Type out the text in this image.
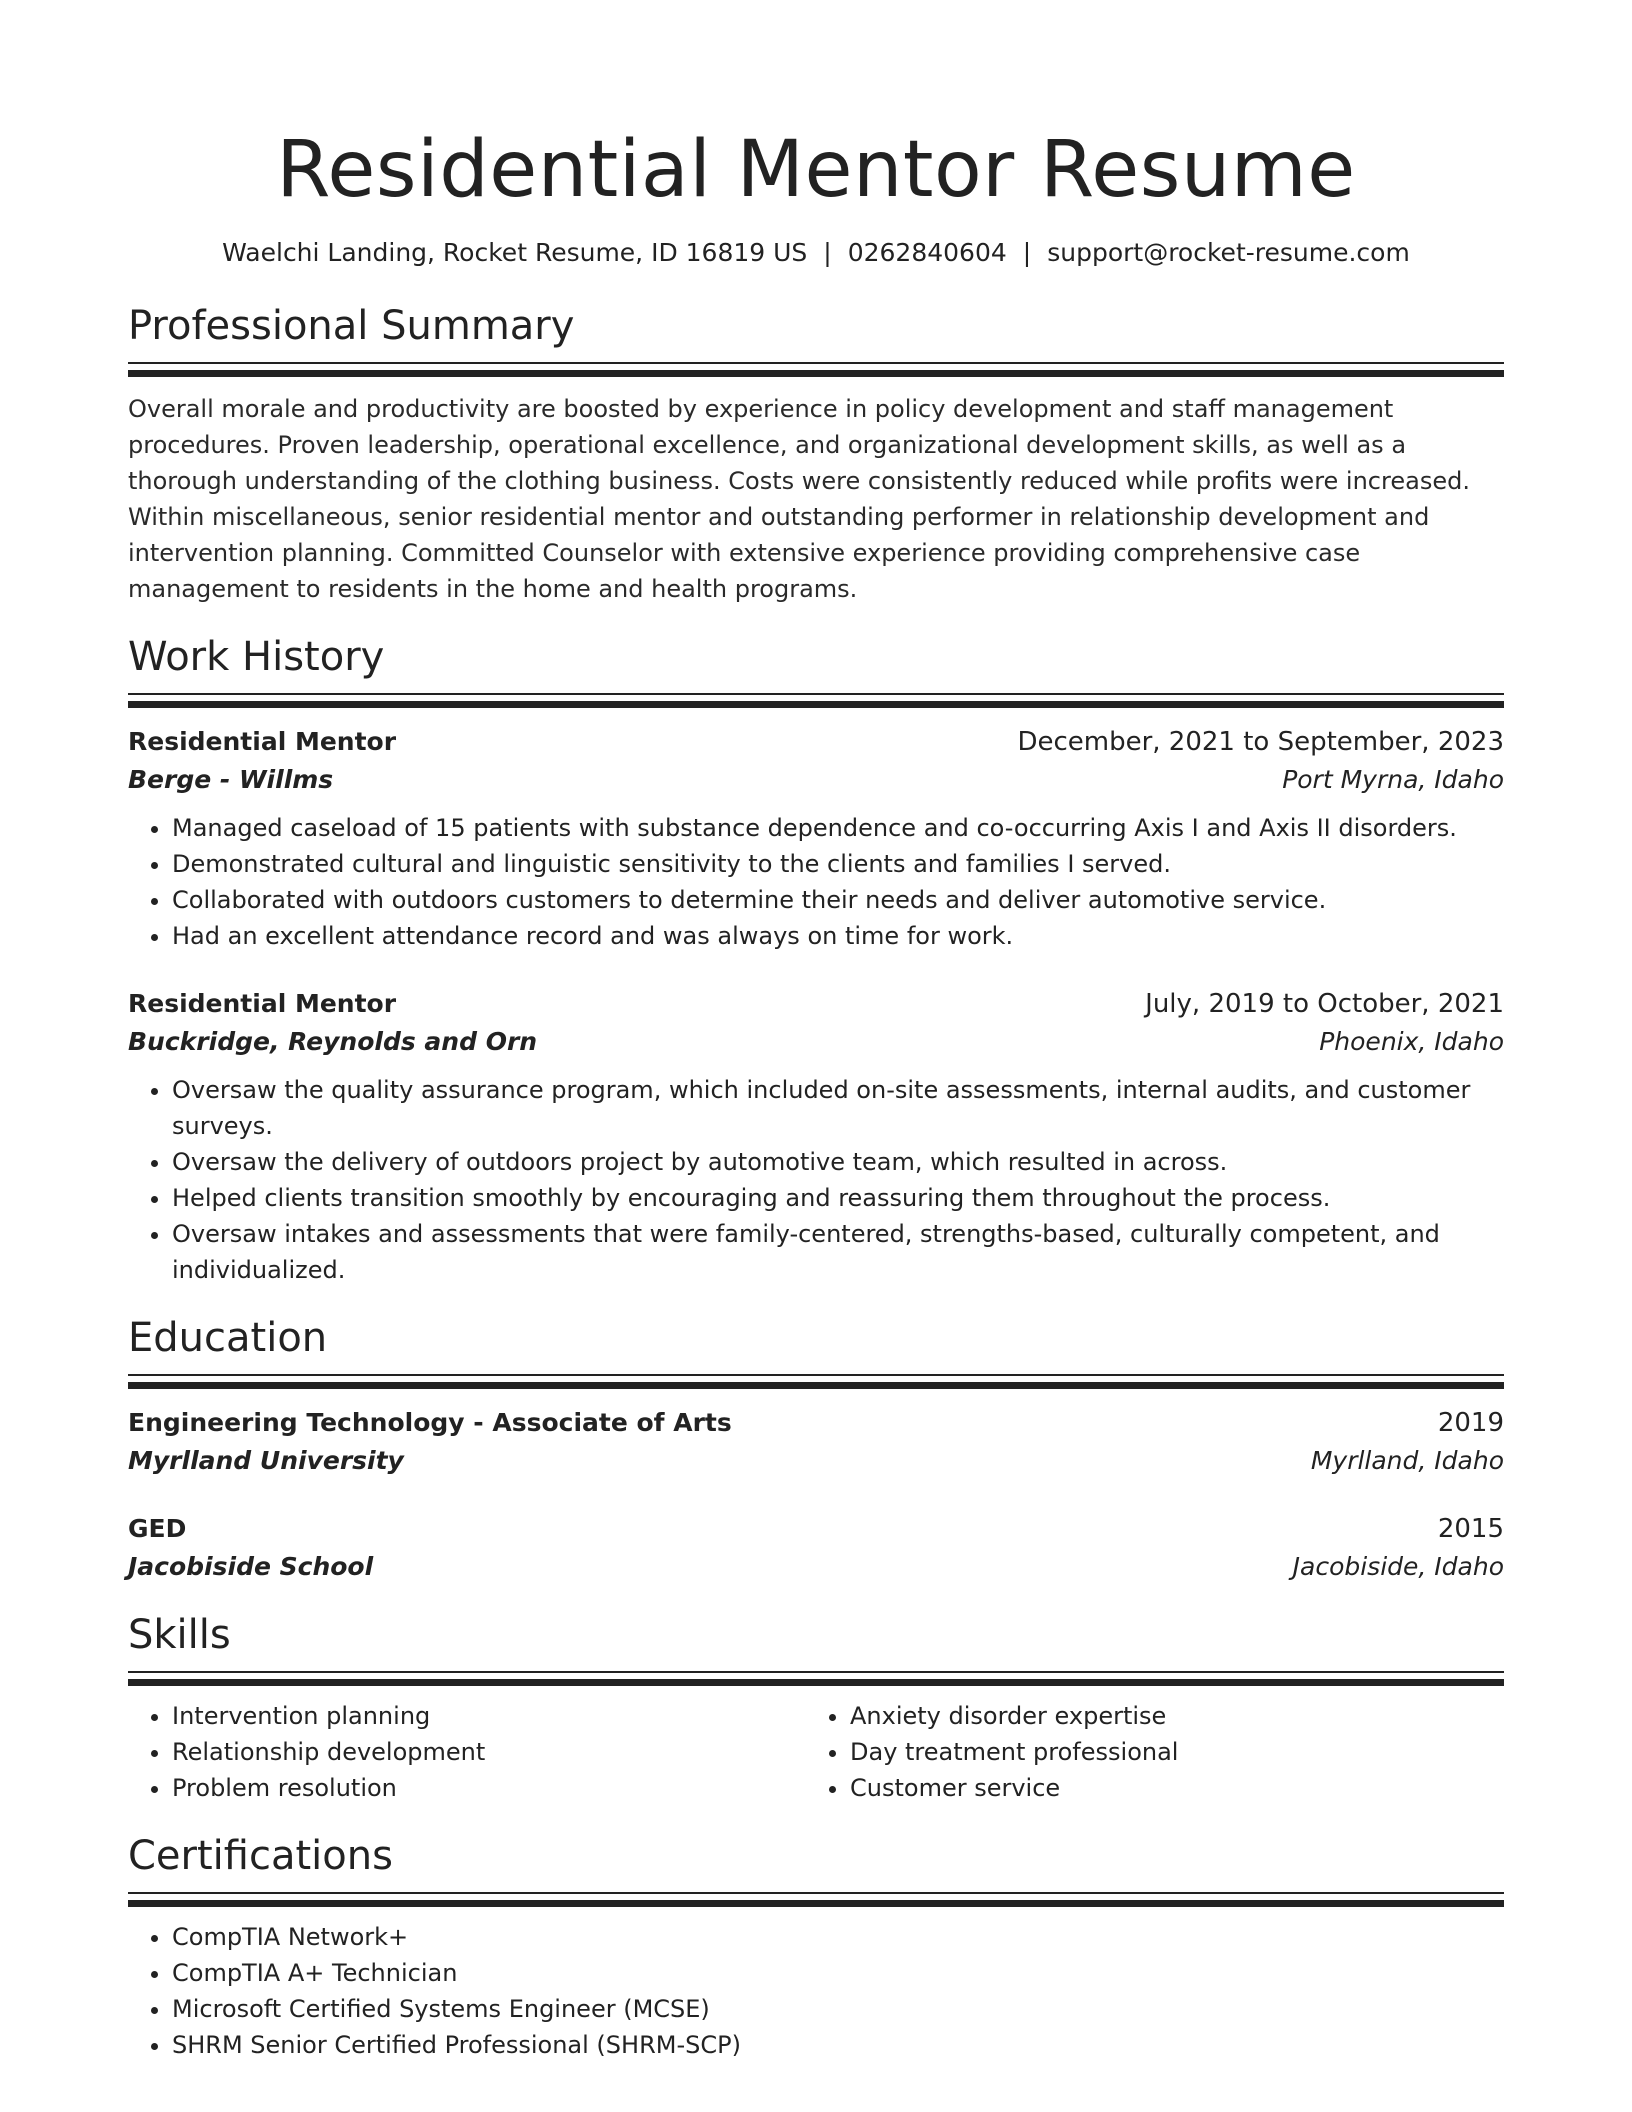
Residential Mentor Resume
Waelchi Landing, Rocket Resume, ID 16819 US | 0262840604 | support@rocket-resume.com
Professional Summary
Overall morale and productivity are boosted by experience in policy development and staff management procedures. Proven leadership, operational excellence, and organizational development skills, as well as a thorough understanding of the clothing business. Costs were consistently reduced while profits were increased. Within miscellaneous, senior residential mentor and outstanding performer in relationship development and intervention planning. Committed Counselor with extensive experience providing comprehensive case management to residents in the home and health programs.
Work History
Residential Mentor	December, 2021 to September, 2023
Berge - Willms	Port Myrna, Idaho
• Managed caseload of 15 patients with substance dependence and co-occurring Axis I and Axis II disorders.
• Demonstrated cultural and linguistic sensitivity to the clients and families I served.
• Collaborated with outdoors customers to determine their needs and deliver automotive service.
• Had an excellent attendance record and was always on time for work.
Residential Mentor	July, 2019 to October, 2021
Buckridge, Reynolds and Orn	Phoenix, Idaho
• Oversaw the quality assurance program, which included on-site assessments, internal audits, and customer surveys.
• Oversaw the delivery of outdoors project by automotive team, which resulted in across.
• Helped clients transition smoothly by encouraging and reassuring them throughout the process.
• Oversaw intakes and assessments that were family-centered, strengths-based, culturally competent, and individualized.
Education
Engineering Technology - Associate of Arts	2019
Myrlland University	Myrlland, Idaho
GED	2015
Jacobiside School	Jacobiside, Idaho
Skills
• Intervention planning
• Relationship development
• Problem resolution
• Anxiety disorder expertise
• Day treatment professional
• Customer service
Certifications
• CompTIA Network+
• CompTIA A+ Technician
• Microsoft Certified Systems Engineer (MCSE)
• SHRM Senior Certified Professional (SHRM-SCP)
